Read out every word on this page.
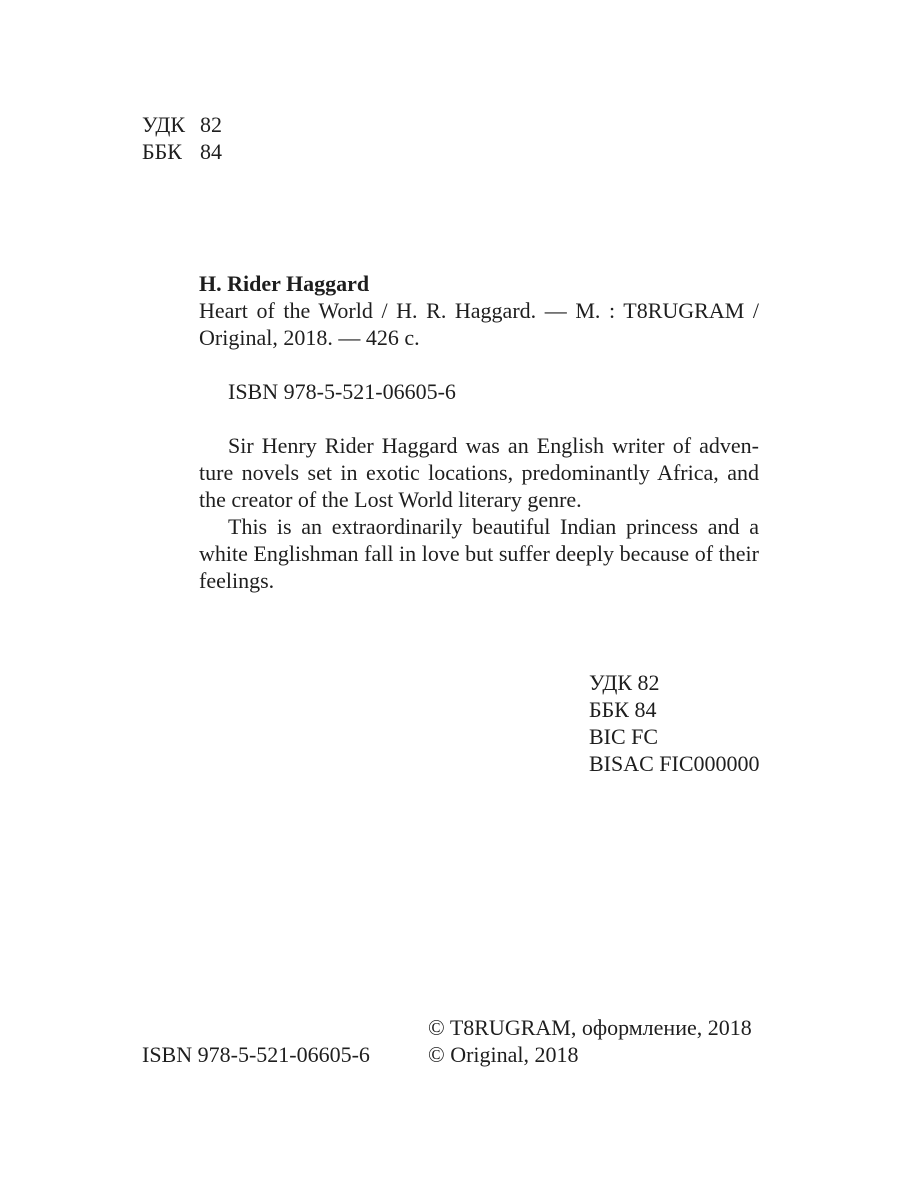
УДК 82
ББК 84
H. Rider Haggard
Heart of the World / H. R. Haggard. — M. : T8RUGRAM / Original, 2018. — 426 c.
ISBN 978-5-521-06605-6

Sir Henry Rider Haggard was an English writer of adventure novels set in exotic locations, predominantly Africa, and the creator of the Lost World literary genre.

This is an extraordinarily beautiful Indian princess and a white Englishman fall in love but suffer deeply because of their feelings.

УДК 82
ББК 84
BIC FC
BISAC FIC000000
ISBN 978-5-521-06605-6
© T8RUGRAM, оформление, 2018
© Original, 2018
